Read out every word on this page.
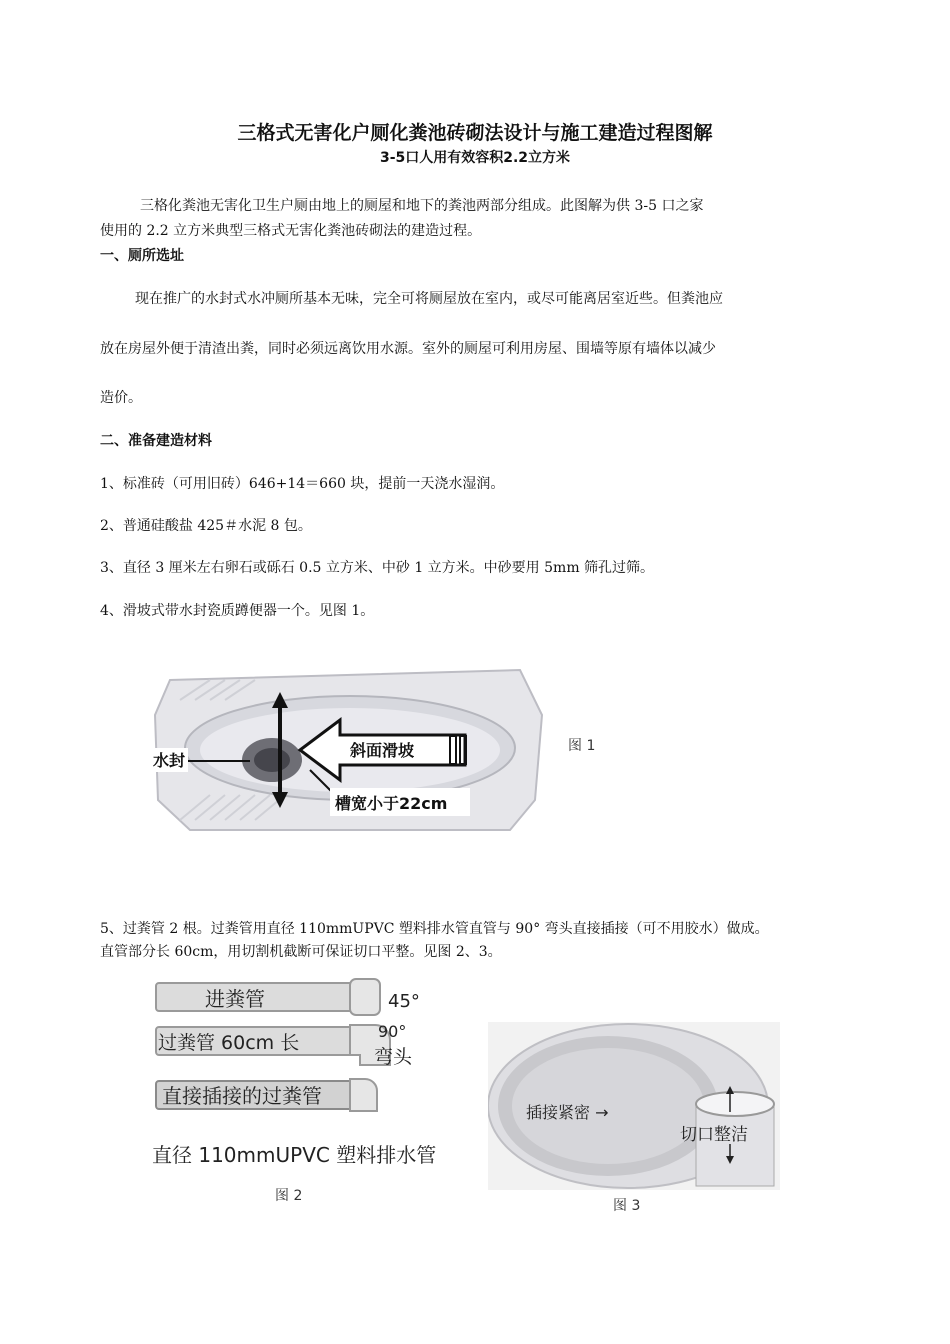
三格式无害化户厕化粪池砖砌法设计与施工建造过程图解
3-5口人用有效容积2.2立方米
三格化粪池无害化卫生户厕由地上的厕屋和地下的粪池两部分组成。此图解为供 3-5 口之家
使用的 2.2 立方米典型三格式无害化粪池砖砌法的建造过程。
一、厕所选址
现在推广的水封式水冲厕所基本无味，完全可将厕屋放在室内，或尽可能离居室近些。但粪池应
放在房屋外便于清渣出粪，同时必须远离饮用水源。室外的厕屋可利用房屋、围墙等原有墙体以减少
造价。
二、准备建造材料
1、标准砖（可用旧砖）646+14＝660 块，提前一天浇水湿润。
2、普通硅酸盐 425＃水泥 8 包。
3、直径 3 厘米左右卵石或砾石 0.5 立方米、中砂 1 立方米。中砂要用 5mm 筛孔过筛。
4、滑坡式带水封瓷质蹲便器一个。见图 1。
水封
斜面滑坡
槽宽小于22cm
图 1
5、过粪管 2 根。过粪管用直径 110mmUPVC 塑料排水管直管与 90° 弯头直接插接（可不用胶水）做成。
直管部分长 60cm，用切割机截断可保证切口平整。见图 2、3。
进粪管	45°
过粪管 60cm 长
90°
弯头
直接插接的过粪管
直径 110mmUPVC 塑料排水管
图 2
插接紧密 →
切口整洁
图 3
